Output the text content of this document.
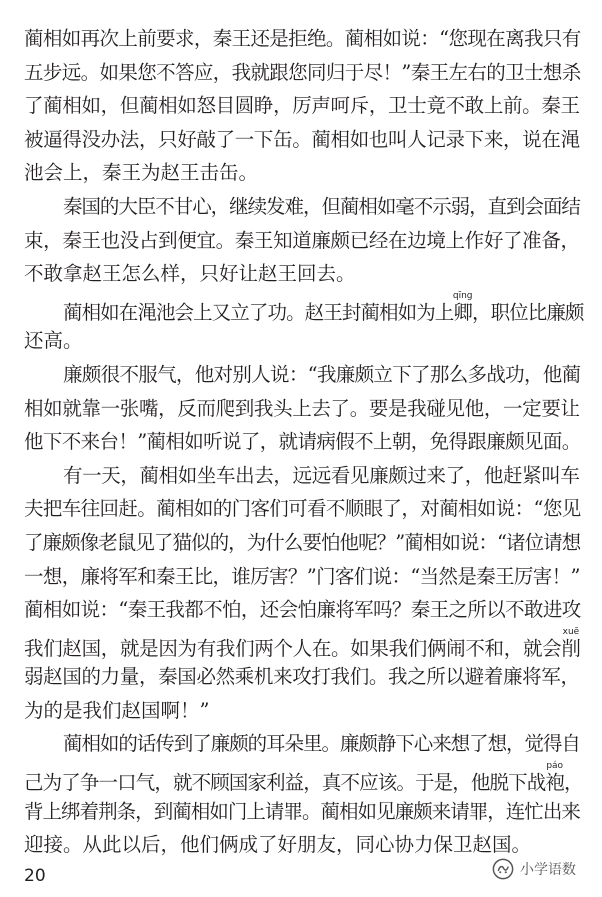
蔺相如再次上前要求，秦王还是拒绝。蔺相如说：“您现在离我只有
五步远。如果您不答应，我就跟您同归于尽！”秦王左右的卫士想杀
了蔺相如，但蔺相如怒目圆睁，厉声呵斥，卫士竟不敢上前。秦王
被逼得没办法，只好敲了一下缶。蔺相如也叫人记录下来，说在渑
池会上，秦王为赵王击缶。
秦国的大臣不甘心，继续发难，但蔺相如毫不示弱，直到会面结
束，秦王也没占到便宜。秦王知道廉颇已经在边境上作好了准备，
不敢拿赵王怎么样，只好让赵王回去。
蔺相如在渑池会上又立了功。赵王封蔺相如为上卿qīng，职位比廉颇
还高。
廉颇很不服气，他对别人说：“我廉颇立下了那么多战功，他蔺
相如就靠一张嘴，反而爬到我头上去了。要是我碰见他，一定要让
他下不来台！”蔺相如听说了，就请病假不上朝，免得跟廉颇见面。
有一天，蔺相如坐车出去，远远看见廉颇过来了，他赶紧叫车
夫把车往回赶。蔺相如的门客们可看不顺眼了，对蔺相如说：“您见
了廉颇像老鼠见了猫似的，为什么要怕他呢？”蔺相如说：“诸位请想
一想，廉将军和秦王比，谁厉害？”门客们说：“当然是秦王厉害！”
蔺相如说：“秦王我都不怕，还会怕廉将军吗？秦王之所以不敢进攻
我们赵国，就是因为有我们两个人在。如果我们俩闹不和，就会削xuē
弱赵国的力量，秦国必然乘机来攻打我们。我之所以避着廉将军，
为的是我们赵国啊！”
蔺相如的话传到了廉颇的耳朵里。廉颇静下心来想了想，觉得自
己为了争一口气，就不顾国家利益，真不应该。于是，他脱下战袍páo，
背上绑着荆条，到蔺相如门上请罪。蔺相如见廉颇来请罪，连忙出来
迎接。从此以后，他们俩成了好朋友，同心协力保卫赵国。
20	小学语数
